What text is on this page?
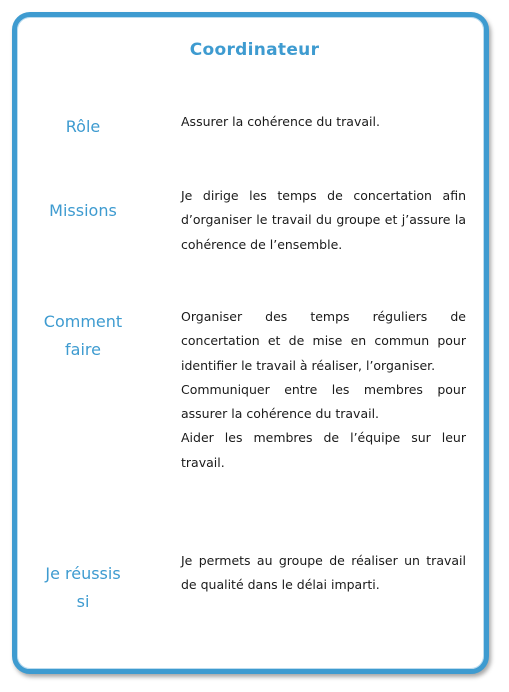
Coordinateur
Rôle	Assurer la cohérence du travail.

Missions

Je dirige les temps de concertation afin d’organiser le travail du groupe et j’assure la cohérence de l’ensemble.

Comment
faire

Organiser des temps réguliers de concertation et de mise en commun pour identifier le travail à réaliser, l’organiser.

Communiquer entre les membres pour assurer la cohérence du travail.

Aider les membres de l’équipe sur leur travail.

Je réussis
si

Je permets au groupe de réaliser un travail de qualité dans le délai imparti.
